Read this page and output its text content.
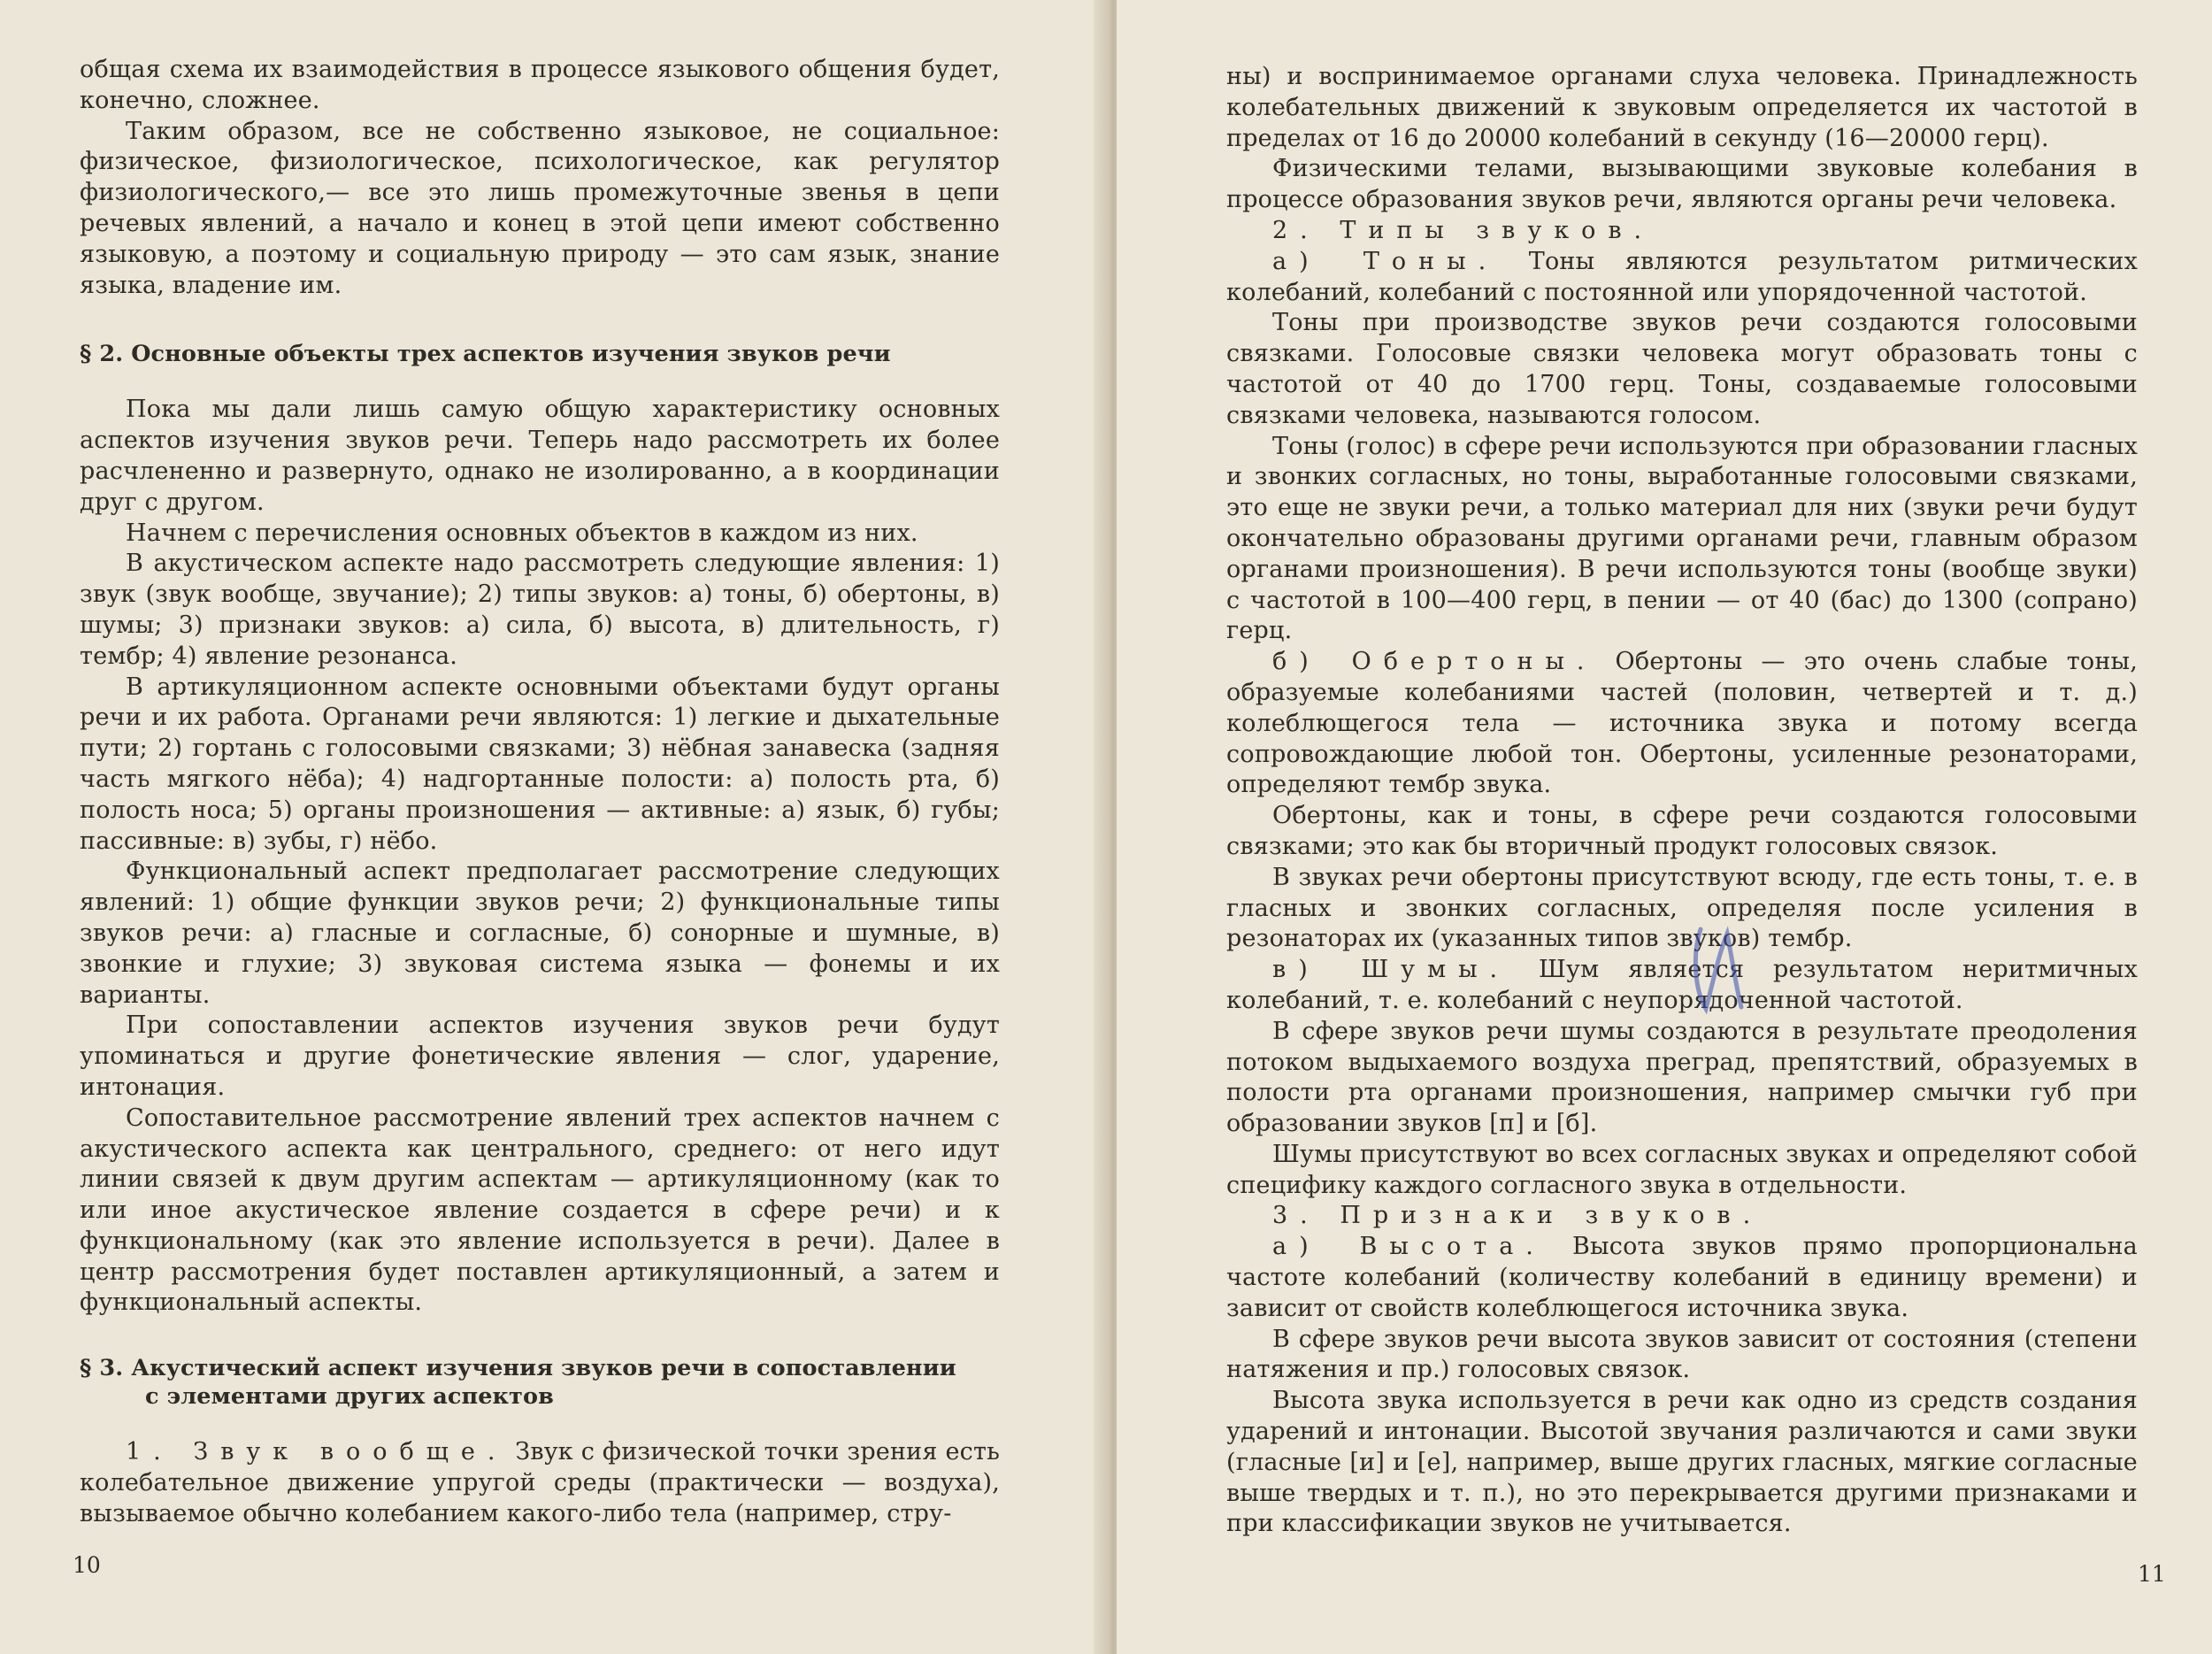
общая схема их взаимодействия в процессе языкового общения будет, конечно, сложнее.

Таким образом, все не собственно языковое, не социальное: физическое, физиологическое, психологическое, как регулятор физиологического,— все это лишь промежуточные звенья в цепи речевых явлений, а начало и конец в этой цепи имеют собственно языковую, а поэтому и социальную природу — это сам язык, знание языка, владение им.

§ 2. Основные объекты трех аспектов изучения звуков речи

Пока мы дали лишь самую общую характеристику основных аспектов изучения звуков речи. Теперь надо рассмотреть их более расчлененно и развернуто, однако не изолированно, а в координации друг с другом.

Начнем с перечисления основных объектов в каждом из них.

В акустическом аспекте надо рассмотреть следующие явления: 1) звук (звук вообще, звучание); 2) типы звуков: а) тоны, б) обертоны, в) шумы; 3) признаки звуков: а) сила, б) высота, в) длительность, г) тембр; 4) явление резонанса.

В артикуляционном аспекте основными объектами будут органы речи и их работа. Органами речи являются: 1) легкие и дыхательные пути; 2) гортань с голосовыми связками; 3) нёбная занавеска (задняя часть мягкого нёба); 4) надгортанные полости: а) полость рта, б) полость носа; 5) органы произношения — активные: а) язык, б) губы; пассивные: в) зубы, г) нёбо.

Функциональный аспект предполагает рассмотрение следующих явлений: 1) общие функции звуков речи; 2) функциональные типы звуков речи: а) гласные и согласные, б) сонорные и шумные, в) звонкие и глухие; 3) звуковая система языка — фонемы и их варианты.

При сопоставлении аспектов изучения звуков речи будут упоминаться и другие фонетические явления — слог, ударение, интонация.

Сопоставительное рассмотрение явлений трех аспектов начнем с акустического аспекта как центрального, среднего: от него идут линии связей к двум другим аспектам — артикуляционному (как то или иное акустическое явление создается в сфере речи) и к функциональному (как это явление используется в речи). Далее в центр рассмотрения будет поставлен артикуляционный, а затем и функциональный аспекты.

§ 3. Акустический аспект изучения звуков речи в сопоставлении
с элементами других аспектов

1. Звук вообще. Звук с физической точки зрения есть колебательное движение упругой среды (практически — воздуха), вызываемое обычно колебанием какого-либо тела (например, стру-

10

ны) и воспринимаемое органами слуха человека. Принадлежность колебательных движений к звуковым определяется их частотой в пределах от 16 до 20000 колебаний в секунду (16—20000 герц).

Физическими телами, вызывающими звуковые колебания в процессе образования звуков речи, являются органы речи человека.

2. Типы звуков.

а) Тоны. Тоны являются результатом ритмических колебаний, колебаний с постоянной или упорядоченной частотой.

Тоны при производстве звуков речи создаются голосовыми связками. Голосовые связки человека могут образовать тоны с частотой от 40 до 1700 герц. Тоны, создаваемые голосовыми связками человека, называются голосом.

Тоны (голос) в сфере речи используются при образовании гласных и звонких согласных, но тоны, выработанные голосовыми связками, это еще не звуки речи, а только материал для них (звуки речи будут окончательно образованы другими органами речи, главным образом органами произношения). В речи используются тоны (вообще звуки) с частотой в 100—400 герц, в пении — от 40 (бас) до 1300 (сопрано) герц.

б) Обертоны. Обертоны — это очень слабые тоны, образуемые колебаниями частей (половин, четвертей и т. д.) колеблющегося тела — источника звука и потому всегда сопровождающие любой тон. Обертоны, усиленные резонаторами, определяют тембр звука.

Обертоны, как и тоны, в сфере речи создаются голосовыми связками; это как бы вторичный продукт голосовых связок.

В звуках речи обертоны присутствуют всюду, где есть тоны, т. е. в гласных и звонких согласных, определяя после усиления в резонаторах их (указанных типов звуков) тембр.

в) Шумы. Шум является результатом неритмичных колебаний, т. е. колебаний с неупорядоченной частотой.

В сфере звуков речи шумы создаются в результате преодоления потоком выдыхаемого воздуха преград, препятствий, образуемых в полости рта органами произношения, например смычки губ при образовании звуков [п] и [б].

Шумы присутствуют во всех согласных звуках и определяют собой специфику каждого согласного звука в отдельности.

3. Признаки звуков.

а) Высота. Высота звуков прямо пропорциональна частоте колебаний (количеству колебаний в единицу времени) и зависит от свойств колеблющегося источника звука.

В сфере звуков речи высота звуков зависит от состояния (степени натяжения и пр.) голосовых связок.

Высота звука используется в речи как одно из средств создания ударений и интонации. Высотой звучания различаются и сами звуки (гласные [и] и [е], например, выше других гласных, мягкие согласные выше твердых и т. п.), но это перекрывается другими признаками и при классификации звуков не учитывается.

11
